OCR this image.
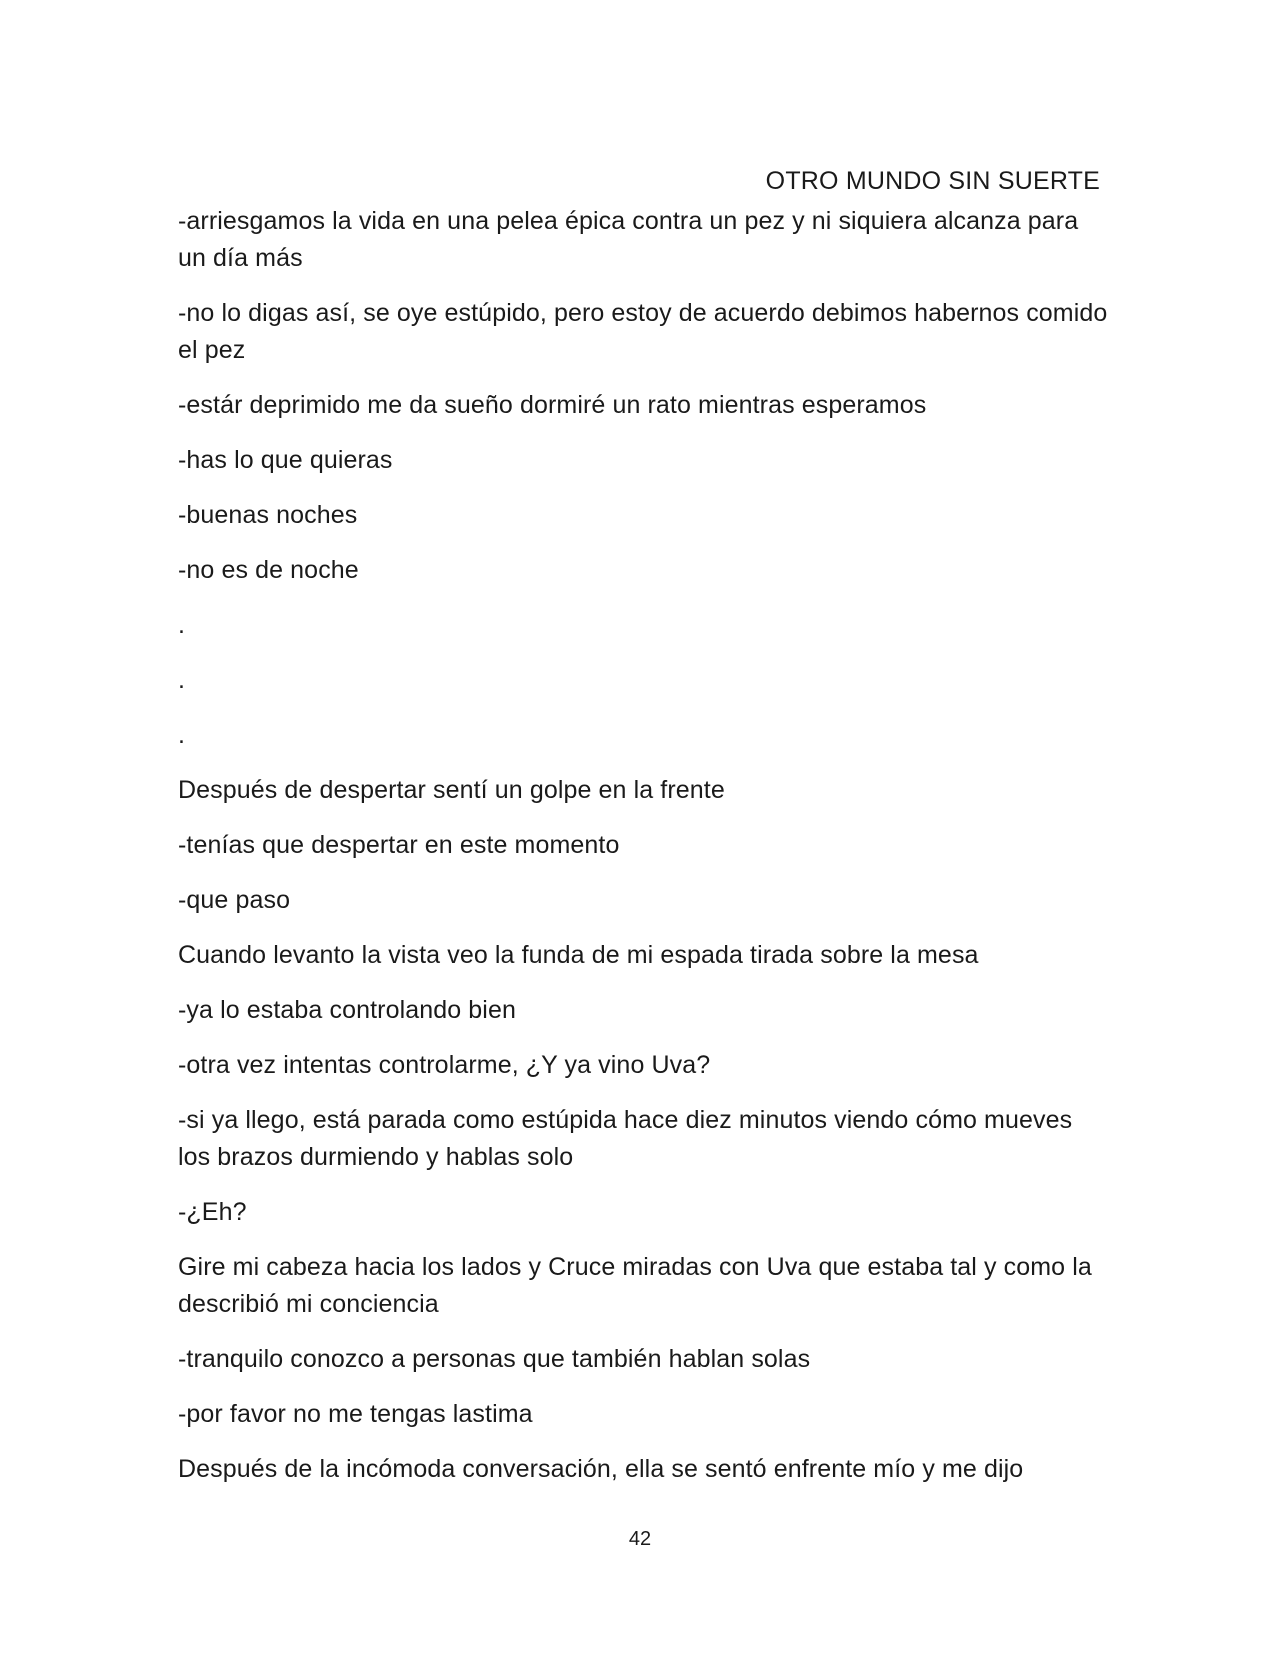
OTRO MUNDO SIN SUERTE

-arriesgamos la vida en una pelea épica contra un pez y ni siquiera alcanza para un día más

-no lo digas así, se oye estúpido, pero estoy de acuerdo debimos habernos comido el pez

-estár deprimido me da sueño dormiré un rato mientras esperamos

-has lo que quieras

-buenas noches

-no es de noche

.

.

.

Después de despertar sentí un golpe en la frente

-tenías que despertar en este momento

-que paso

Cuando levanto la vista veo la funda de mi espada tirada sobre la mesa

-ya lo estaba controlando bien

-otra vez intentas controlarme, ¿Y ya vino Uva?

-si ya llego, está parada como estúpida hace diez minutos viendo cómo mueves los brazos durmiendo y hablas solo

-¿Eh?

Gire mi cabeza hacia los lados y Cruce miradas con Uva que estaba tal y como la describió mi conciencia

-tranquilo conozco a personas que también hablan solas

-por favor no me tengas lastima

Después de la incómoda conversación, ella se sentó enfrente mío y me dijo

42
